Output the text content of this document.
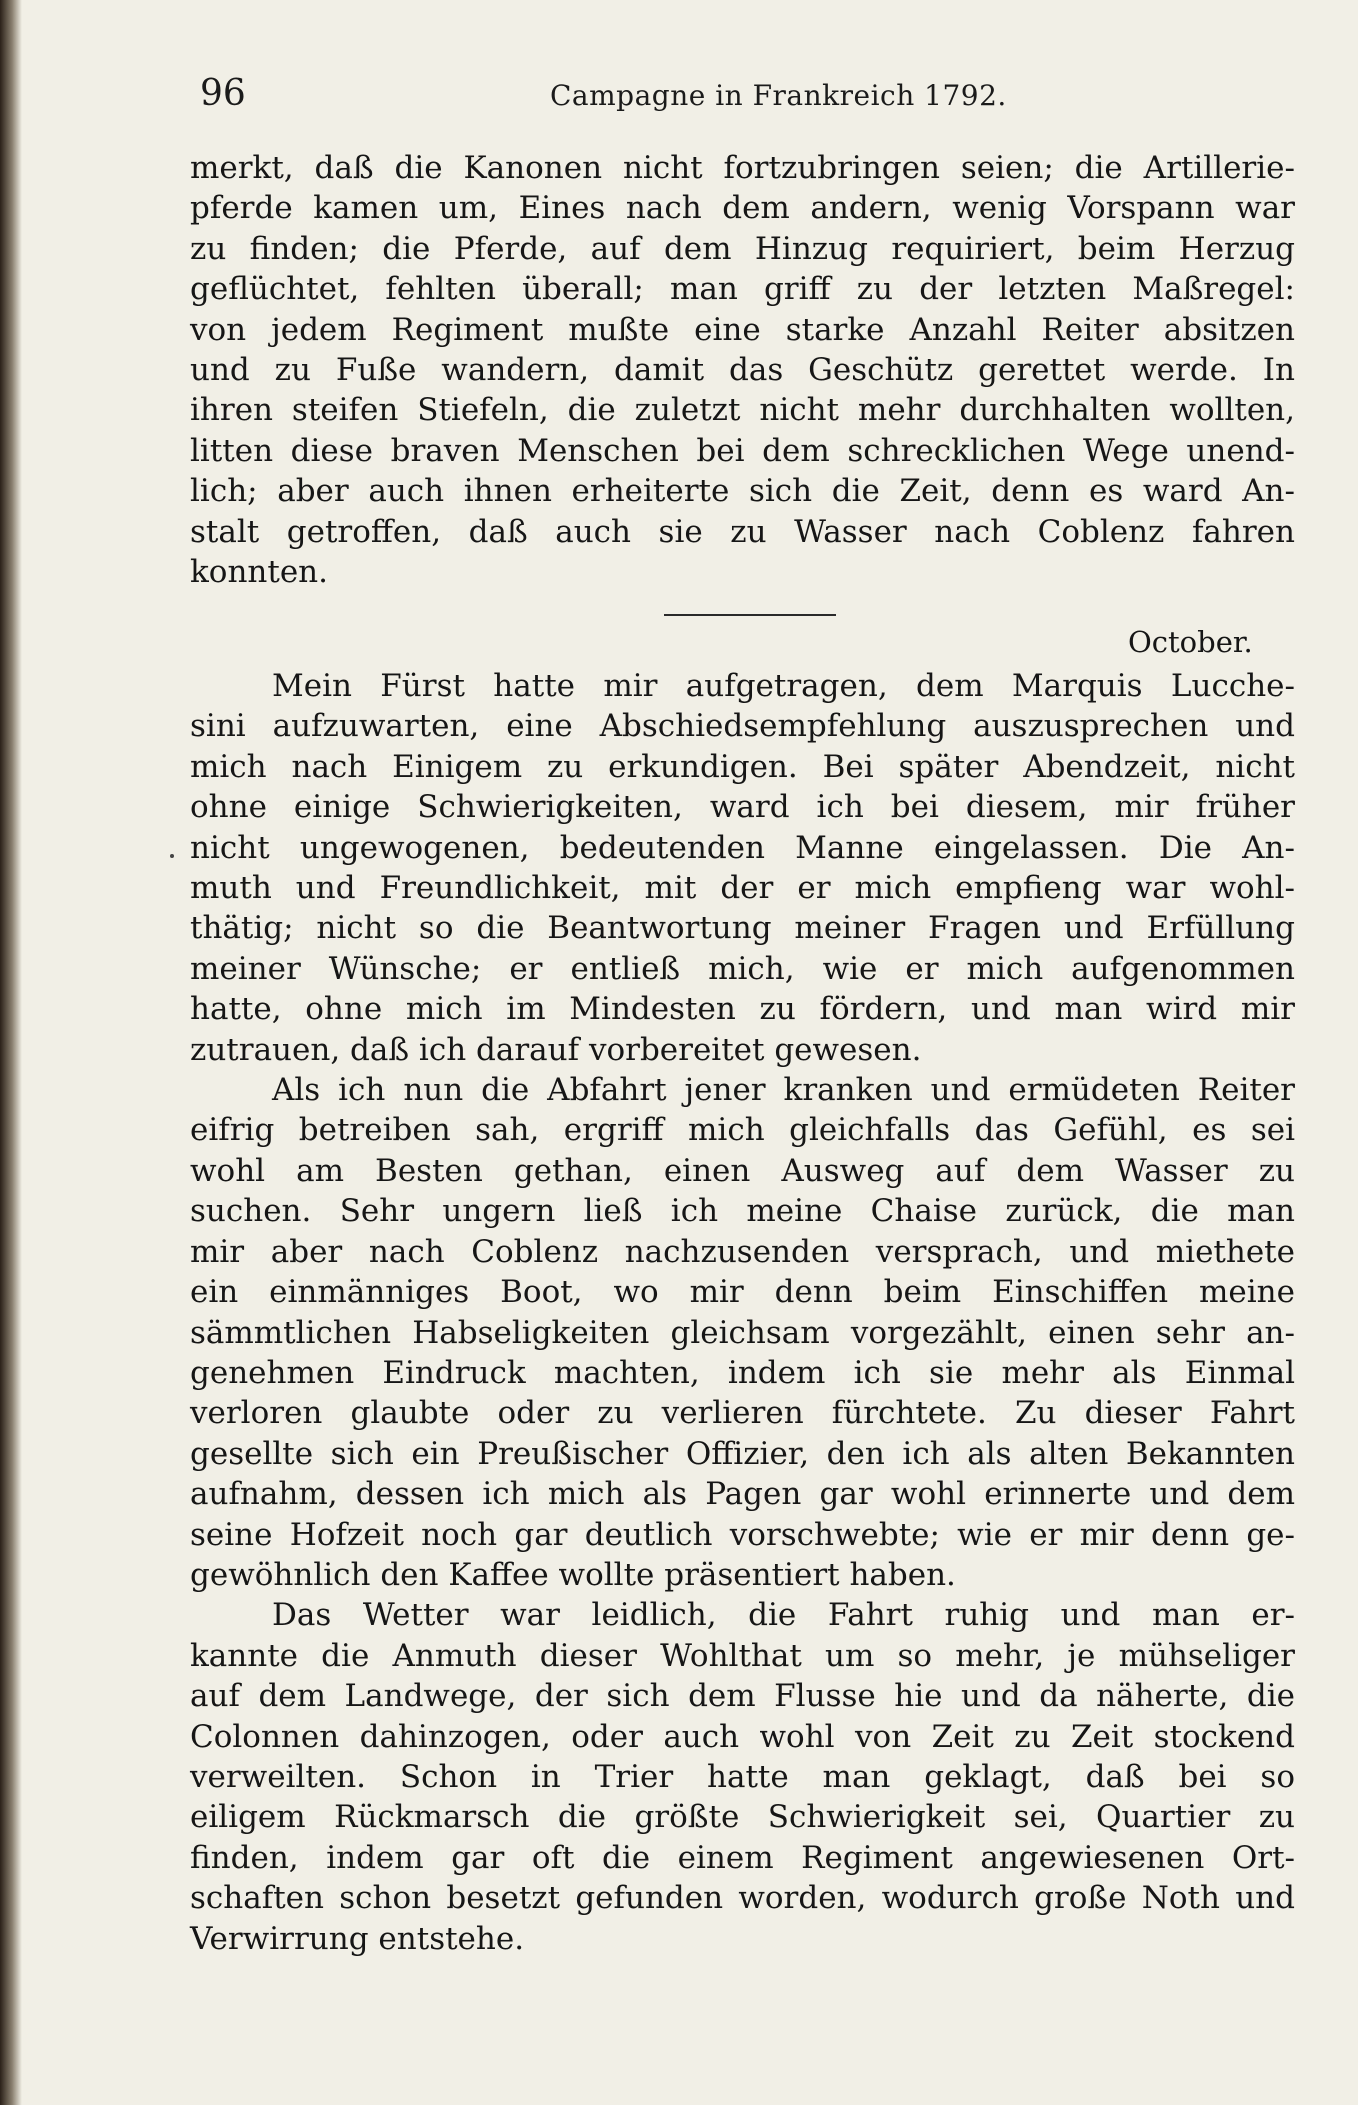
96	Campagne in Frankreich 1792.

merkt, daß die Kanonen nicht fortzubringen seien; die Artillerie-
pferde kamen um, Eines nach dem andern, wenig Vorspann war
zu finden; die Pferde, auf dem Hinzug requiriert, beim Herzug
geflüchtet, fehlten überall; man griff zu der letzten Maßregel:
von jedem Regiment mußte eine starke Anzahl Reiter absitzen
und zu Fuße wandern, damit das Geschütz gerettet werde. In
ihren steifen Stiefeln, die zuletzt nicht mehr durchhalten wollten,
litten diese braven Menschen bei dem schrecklichen Wege unend-
lich; aber auch ihnen erheiterte sich die Zeit, denn es ward An-
stalt getroffen, daß auch sie zu Wasser nach Coblenz fahren
konnten.

October.

Mein Fürst hatte mir aufgetragen, dem Marquis Lucche-
sini aufzuwarten, eine Abschiedsempfehlung auszusprechen und
mich nach Einigem zu erkundigen. Bei später Abendzeit, nicht
ohne einige Schwierigkeiten, ward ich bei diesem, mir früher
nicht ungewogenen, bedeutenden Manne eingelassen. Die An-
muth und Freundlichkeit, mit der er mich empfieng war wohl-
thätig; nicht so die Beantwortung meiner Fragen und Erfüllung
meiner Wünsche; er entließ mich, wie er mich aufgenommen
hatte, ohne mich im Mindesten zu fördern, und man wird mir
zutrauen, daß ich darauf vorbereitet gewesen.

Als ich nun die Abfahrt jener kranken und ermüdeten Reiter
eifrig betreiben sah, ergriff mich gleichfalls das Gefühl, es sei
wohl am Besten gethan, einen Ausweg auf dem Wasser zu
suchen. Sehr ungern ließ ich meine Chaise zurück, die man
mir aber nach Coblenz nachzusenden versprach, und miethete
ein einmänniges Boot, wo mir denn beim Einschiffen meine
sämmtlichen Habseligkeiten gleichsam vorgezählt, einen sehr an-
genehmen Eindruck machten, indem ich sie mehr als Einmal
verloren glaubte oder zu verlieren fürchtete. Zu dieser Fahrt
gesellte sich ein Preußischer Offizier, den ich als alten Bekannten
aufnahm, dessen ich mich als Pagen gar wohl erinnerte und dem
seine Hofzeit noch gar deutlich vorschwebte; wie er mir denn ge-
gewöhnlich den Kaffee wollte präsentiert haben.

Das Wetter war leidlich, die Fahrt ruhig und man er-
kannte die Anmuth dieser Wohlthat um so mehr, je mühseliger
auf dem Landwege, der sich dem Flusse hie und da näherte, die
Colonnen dahinzogen, oder auch wohl von Zeit zu Zeit stockend
verweilten. Schon in Trier hatte man geklagt, daß bei so
eiligem Rückmarsch die größte Schwierigkeit sei, Quartier zu
finden, indem gar oft die einem Regiment angewiesenen Ort-
schaften schon besetzt gefunden worden, wodurch große Noth und
Verwirrung entstehe.
